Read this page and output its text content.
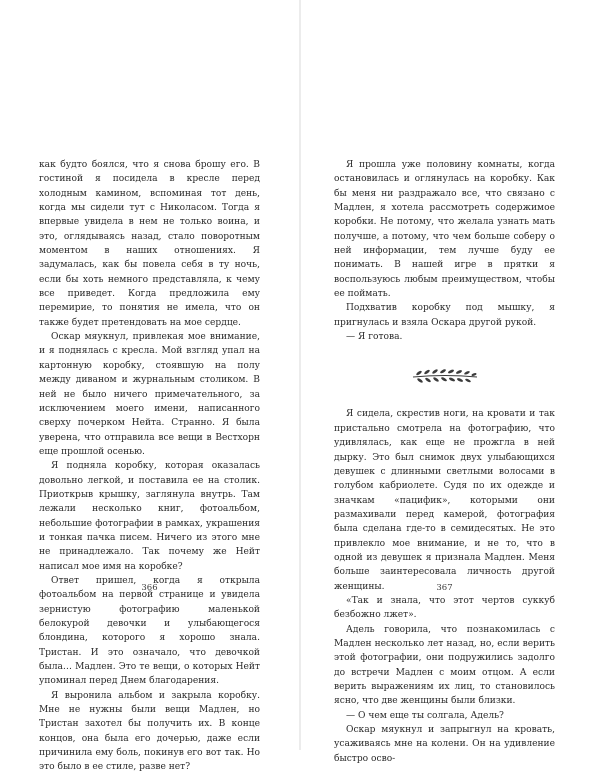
как будто боялся, что я снова брошу его. В гостиной я посидела в кресле перед холодным камином, вспоминая тот день, когда мы сидели тут с Николасом. Тогда я впервые увидела в нем не только воина, и это, оглядываясь назад, стало поворотным моментом в наших отношениях. Я задумалась, как бы повела себя в ту ночь, если бы хоть немного представляла, к чему все приведет. Когда предложила ему перемирие, то понятия не имела, что он также будет претендовать на мое сердце.

Оскар мяукнул, привлекая мое внимание, и я поднялась с кресла. Мой взгляд упал на картонную коробку, стоявшую на полу между диваном и журнальным столиком. В ней не было ничего примечательного, за исключением моего имени, написанного сверху почерком Нейта. Странно. Я была уверена, что отправила все вещи в Вестхорн еще прошлой осенью.

Я подняла коробку, которая оказалась довольно легкой, и поставила ее на столик. Приоткрыв крышку, заглянула внутрь. Там лежали несколько книг, фотоальбом, небольшие фотографии в рамках, украшения и тонкая пачка писем. Ничего из этого мне не принадлежало. Так почему же Нейт написал мое имя на коробке?

Ответ пришел, когда я открыла фотоальбом на первой странице и увидела зернистую фотографию маленькой белокурой девочки и улыбающегося блондина, которого я хорошо знала. Тристан. И это означало, что девочкой была… Мадлен. Это те вещи, о которых Нейт упоминал перед Днем благодарения.

Я выронила альбом и закрыла коробку. Мне не нужны были вещи Мадлен, но Тристан захотел бы получить их. В конце концов, она была его дочерью, даже если причинила ему боль, покинув его вот так. Но это было в ее стиле, разве нет?

366

Я прошла уже половину комнаты, когда остановилась и оглянулась на коробку. Как бы меня ни раздражало все, что связано с Мадлен, я хотела рассмотреть содержимое коробки. Не потому, что желала узнать мать получше, а потому, что чем больше соберу о ней информации, тем лучше буду ее понимать. В нашей игре в прятки я воспользуюсь любым преимуществом, чтобы ее поймать.

Подхватив коробку под мышку, я пригнулась и взяла Оскара другой рукой.

— Я готова.

Я сидела, скрестив ноги, на кровати и так пристально смотрела на фотографию, что удивлялась, как еще не прожгла в ней дырку. Это был снимок двух улыбающихся девушек с длинными светлыми волосами в голубом кабриолете. Судя по их одежде и значкам «пацифик», которыми они размахивали перед камерой, фотография была сделана где-то в семидесятых. Не это привлекло мое внимание, и не то, что в одной из девушек я признала Мадлен. Меня больше заинтересовала личность другой женщины.

«Так и знала, что этот чертов суккуб безбожно лжет».

Адель говорила, что познакомилась с Мадлен несколько лет назад, но, если верить этой фотографии, они подружились задолго до встречи Мадлен с моим отцом. А если верить выражениям их лиц, то становилось ясно, что две женщины были близки.

— О чем еще ты солгала, Адель?

Оскар мяукнул и запрыгнул на кровать, усаживаясь мне на колени. Он на удивление быстро осво-

367
